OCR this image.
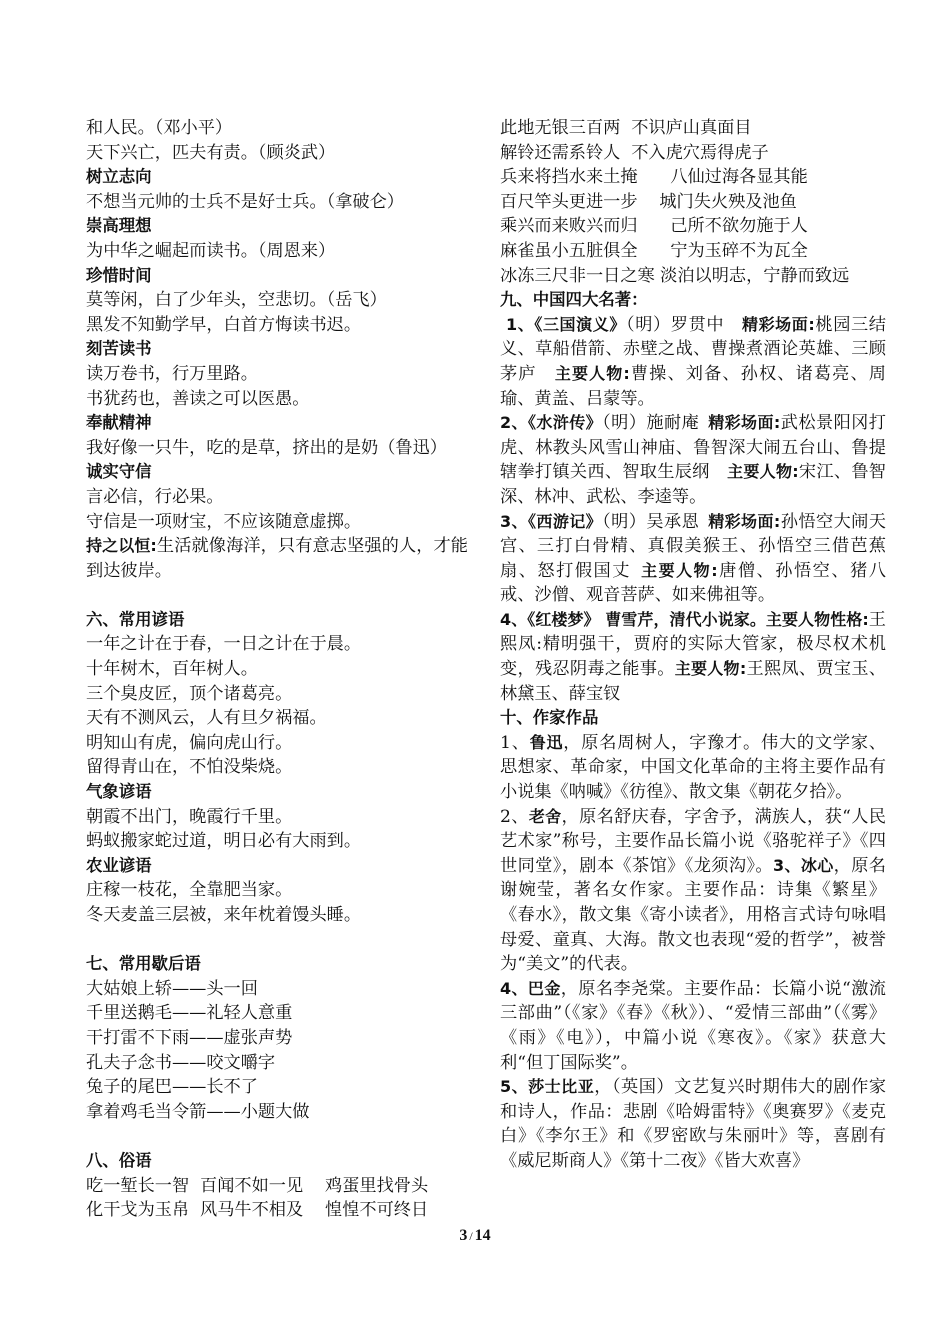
和人民。（邓小平）
天下兴亡，匹夫有责。（顾炎武）
树立志向
不想当元帅的士兵不是好士兵。（拿破仑）
崇高理想
为中华之崛起而读书。（周恩来）
珍惜时间
莫等闲，白了少年头，空悲切。（岳飞）
黑发不知勤学早，白首方悔读书迟。
刻苦读书
读万卷书，行万里路。
书犹药也，善读之可以医愚。
奉献精神
我好像一只牛，吃的是草，挤出的是奶（鲁迅）
诚实守信
言必信，行必果。
守信是一项财宝，不应该随意虚掷。
持之以恒:生活就像海洋，只有意志坚强的人，才能到达彼岸。
六、常用谚语
一年之计在于春，一日之计在于晨。
十年树木，百年树人。
三个臭皮匠，顶个诸葛亮。
天有不测风云，人有旦夕祸福。
明知山有虎，偏向虎山行。
留得青山在，不怕没柴烧。
气象谚语
朝霞不出门，晚霞行千里。
蚂蚁搬家蛇过道，明日必有大雨到。
农业谚语
庄稼一枝花，全靠肥当家。
冬天麦盖三层被，来年枕着馒头睡。
七、常用歇后语
大姑娘上轿——头一回
千里送鹅毛——礼轻人意重
干打雷不下雨——虚张声势
孔夫子念书——咬文嚼字
兔子的尾巴——长不了
拿着鸡毛当令箭——小题大做
八、俗语
吃一堑长一智  百闻不如一见    鸡蛋里找骨头
化干戈为玉帛  风马牛不相及    惶惶不可终日
此地无银三百两  不识庐山真面目
解铃还需系铃人  不入虎穴焉得虎子
兵来将挡水来土掩      八仙过海各显其能
百尺竿头更进一步    城门失火殃及池鱼
乘兴而来败兴而归      己所不欲勿施于人
麻雀虽小五脏俱全      宁为玉碎不为瓦全
冰冻三尺非一日之寒 淡泊以明志，宁静而致远
九、中国四大名著：
1、《三国演义》（明）罗贯中  精彩场面:桃园三结义、草船借箭、赤壁之战、曹操煮酒论英雄、三顾茅庐  主要人物:曹操、刘备、孙权、诸葛亮、周瑜、黄盖、吕蒙等。
2、《水浒传》（明）施耐庵  精彩场面:武松景阳冈打虎、林教头风雪山神庙、鲁智深大闹五台山、鲁提辖拳打镇关西、智取生辰纲  主要人物:宋江、鲁智深、林冲、武松、李逵等。
3、《西游记》（明）吴承恩  精彩场面:孙悟空大闹天宫、三打白骨精、真假美猴王、孙悟空三借芭蕉扇、怒打假国丈  主要人物:唐僧、孙悟空、猪八戒、沙僧、观音菩萨、如来佛祖等。
4、《红楼梦》 曹雪芹，清代小说家。主要人物性格:王熙凤:精明强干，贾府的实际大管家，极尽权术机变，残忍阴毒之能事。主要人物:王熙凤、贾宝玉、林黛玉、薛宝钗
十、作家作品
1、鲁迅，原名周树人，字豫才。伟大的文学家、思想家、革命家，中国文化革命的主将主要作品有小说集《呐喊》《彷徨》、散文集《朝花夕拾》。
2、老舍，原名舒庆春，字舍予，满族人，获“人民艺术家”称号，主要作品长篇小说《骆驼祥子》《四世同堂》，剧本《茶馆》《龙须沟》。3、冰心，原名谢婉莹，著名女作家。主要作品：诗集《繁星》《春水》，散文集《寄小读者》，用格言式诗句咏唱母爱、童真、大海。散文也表现“爱的哲学”，被誉为“美文”的代表。
4、巴金，原名李尧棠。主要作品：长篇小说“激流三部曲”（《家》《春》《秋》）、“爱情三部曲”（《雾》《雨》《电》），中篇小说《寒夜》。《家》获意大利“但丁国际奖”。
5、莎士比亚，（英国）文艺复兴时期伟大的剧作家和诗人，作品：悲剧《哈姆雷特》《奥赛罗》《麦克白》《李尔王》和《罗密欧与朱丽叶》等，喜剧有《威尼斯商人》《第十二夜》《皆大欢喜》
3 / 14
